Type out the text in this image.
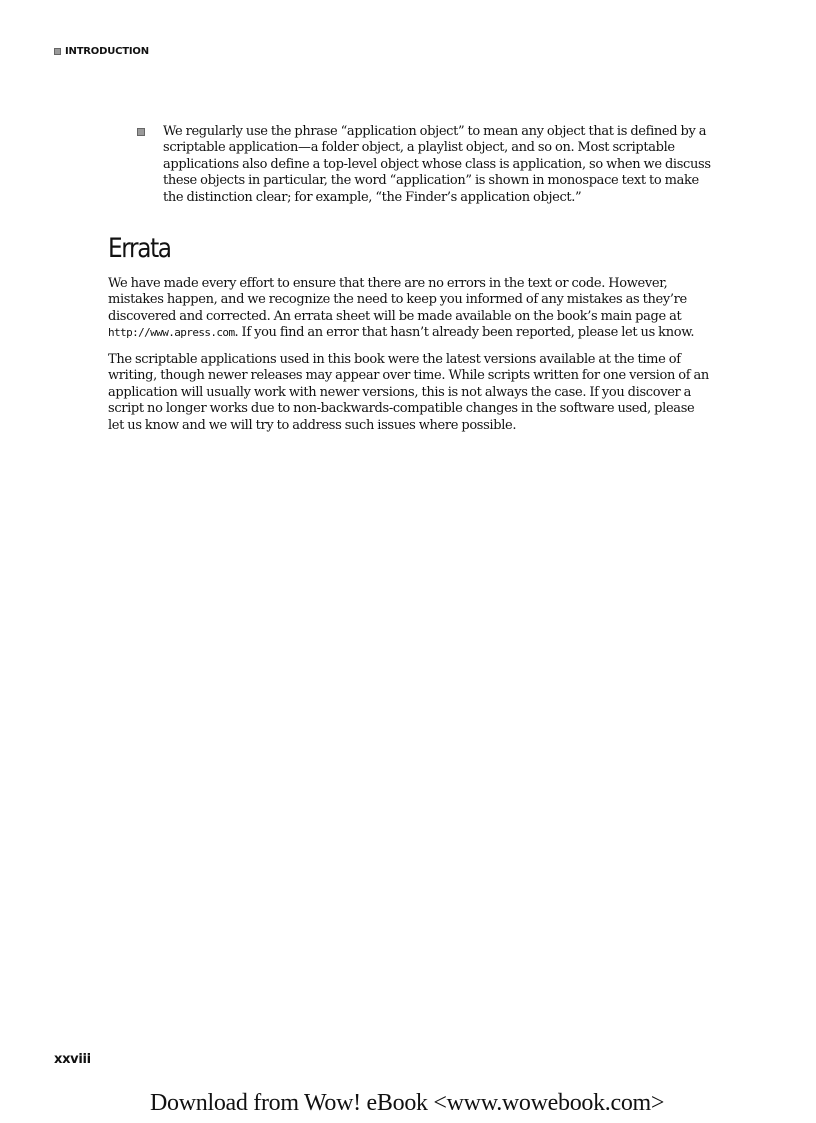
INTRODUCTION
We regularly use the phrase “application object” to mean any object that is defined by a scriptable application—a folder object, a playlist object, and so on. Most scriptable applications also define a top-level object whose class is application, so when we discuss these objects in particular, the word “application” is shown in monospace text to make the distinction clear; for example, “the Finder’s application object.”
Errata

We have made every effort to ensure that there are no errors in the text or code. However, mistakes happen, and we recognize the need to keep you informed of any mistakes as they’re discovered and corrected. An errata sheet will be made available on the book’s main page at http://www.apress.com. If you find an error that hasn’t already been reported, please let us know.

The scriptable applications used in this book were the latest versions available at the time of writing, though newer releases may appear over time. While scripts written for one version of an application will usually work with newer versions, this is not always the case. If you discover a script no longer works due to non-backwards-compatible changes in the software used, please let us know and we will try to address such issues where possible.

xxviii
Download from Wow! eBook <www.wowebook.com>
